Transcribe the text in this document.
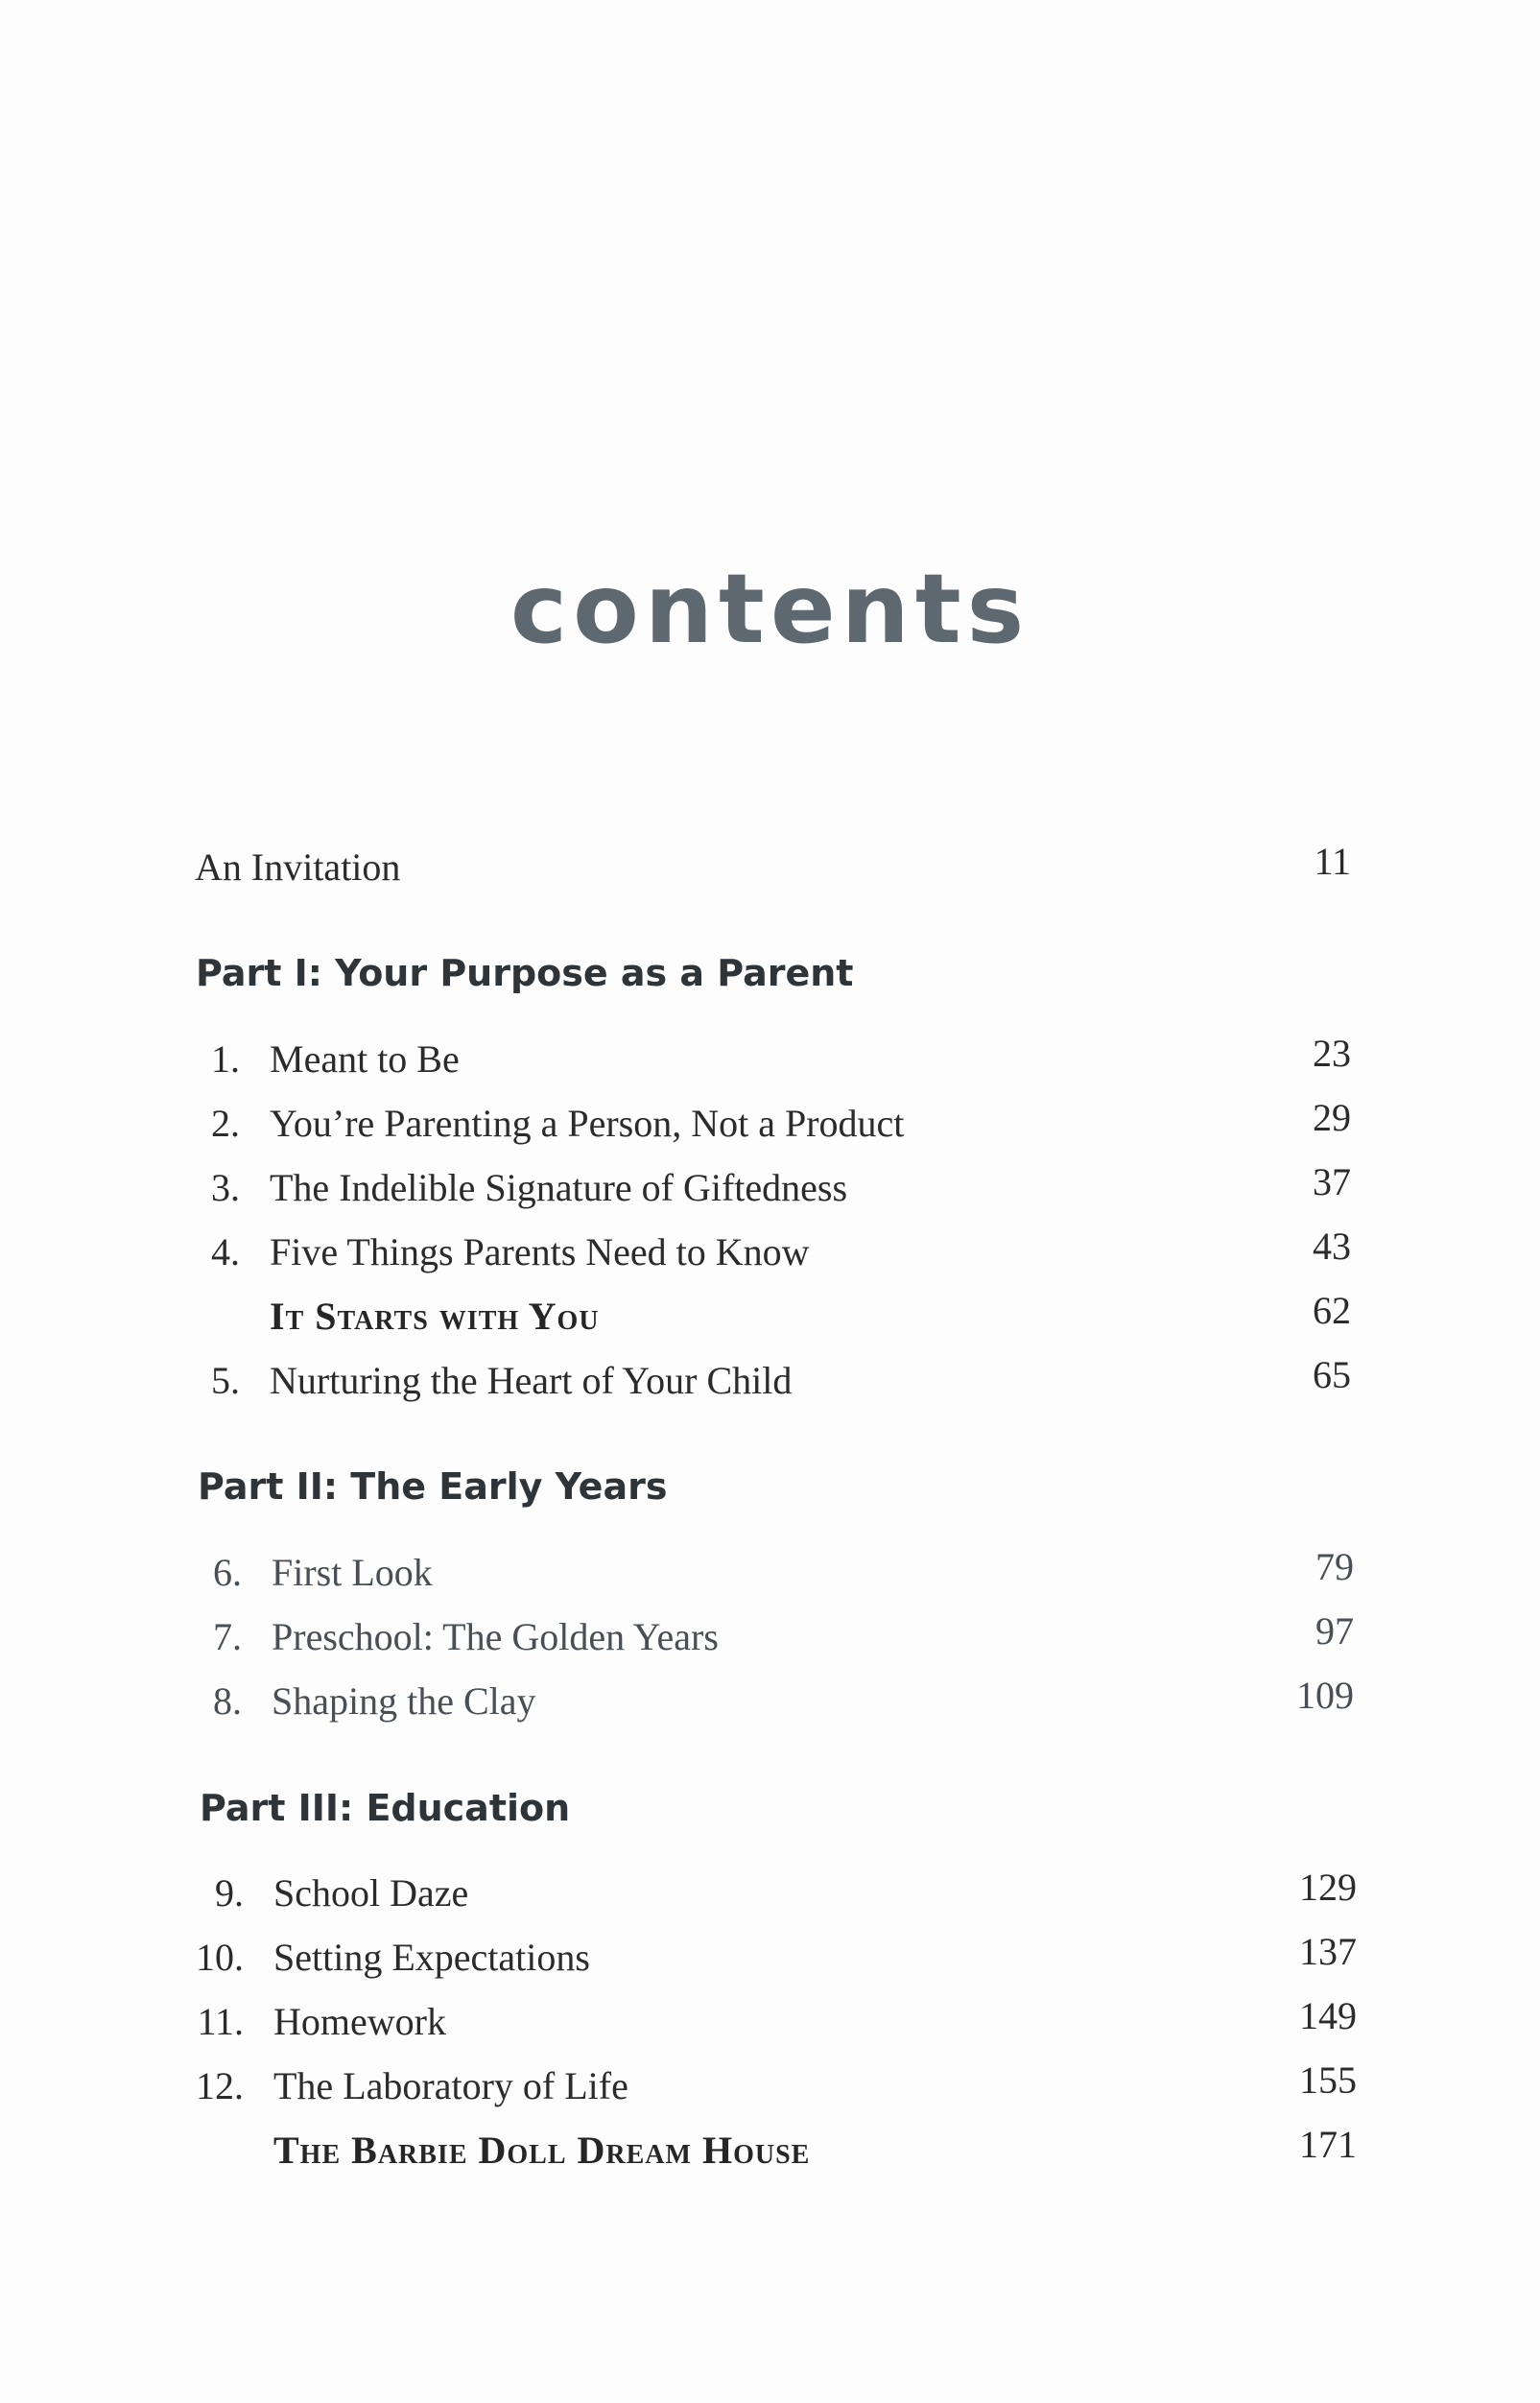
contents
An Invitation	11
Part I: Your Purpose as a Parent
1. Meant to Be	23
2. You’re Parenting a Person, Not a Product	29
3. The Indelible Signature of Giftedness	37
4. Five Things Parents Need to Know	43
It Starts with You	62
5. Nurturing the Heart of Your Child	65
Part II: The Early Years
6. First Look	79
7. Preschool: The Golden Years	97
8. Shaping the Clay	109
Part III: Education
9. School Daze	129
10. Setting Expectations	137
11. Homework	149
12. The Laboratory of Life	155
The Barbie Doll Dream House	171
